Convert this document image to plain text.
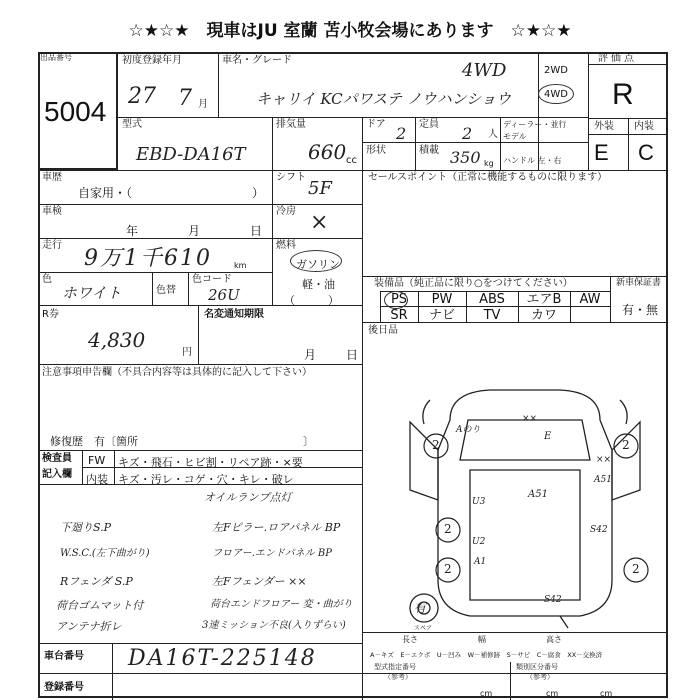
☆★☆★　現車はJU 室蘭 苫小牧会場にあります　☆★☆★
出品番号
5004
初度登録年月
27 7 月
車名・グレード	4WD
キャリイ KCパワステ ノウハンショウ
2WD
4WD
評価点
R
外装 内装
E C
型式
EBD-DA16T
排気量
660 cc
ドア 2 定員 2 人
ディーラー・並行
モデル
形状	積載 350 kg ハンドル 左・右
車歴
自家用・（　　　　　　　　　　）
シフト
5F
セールスポイント（正常に機能するものに限ります）
車検
年	月	日
冷房 ×
走行
9万1千610	km
燃料
ガソリン
軽・油
（　　　）
色
ホワイト	色替
色コード
26U
装備品（純正品に限り○をつけてください）	新車保証書
有・無
PS	PW	ABS	エアB	AW
SR	ナビ	TV	カワ
R券
4,830
円
名変通知期限
月 日
後日品
注意事項申告欄（不具合内容等は具体的に記入して下さい）
修復歴　有〔箇所　　　　　　　　　　　　　　　〕
検査員
記入欄
FW キズ・飛石・ヒビ割・リペア跡・×要
内装 キズ・汚レ・コゲ・穴・キレ・破レ
オイルランプ点灯
下廻りS.P
W.S.C.(左下曲がり)
Rフェンダ S.P
荷台ゴムマット付
アンテナ折レ
左Fピラー.ロアパネル BP
フロアー.エンドパネル BP
左Fフェンダー ××
荷台エンドフロアー 変・曲がり
3速ミッション不良(入りずらい)
Aのり
××
E
××
A51
A51
U3
U2
S42
A1
S42
有
スペア
2	2
2
2	2
長さ	幅	高さ
車台番号 DA16T-225148
登録番号
A－キズ　E－エクボ　U－凹み　W－補修跡　S－サビ　C－腐食　XX－交換済
型式指定番号
（参考）
類別区分番号
（参考）
cm	cm	cm
